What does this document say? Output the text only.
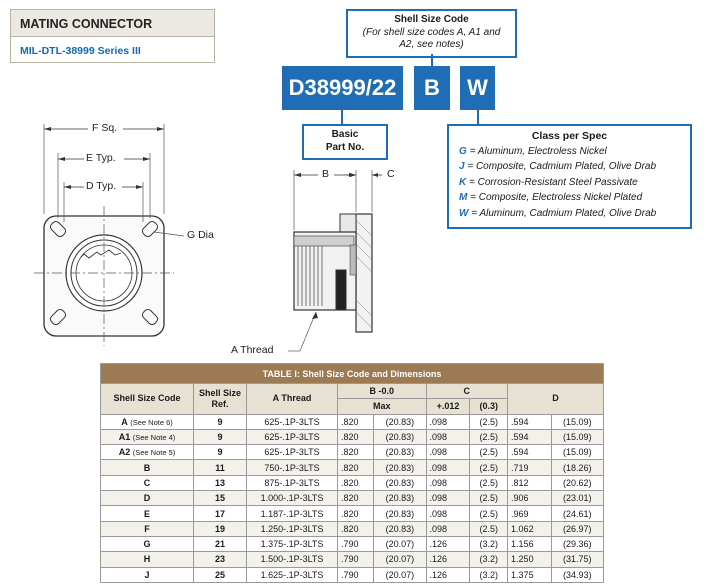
MATING CONNECTOR
MIL-DTL-38999 Series III
Shell Size Code
(For shell size codes A, A1 and
A2, see notes)
D38999/22	B	W
Basic
Part No.
Class per Spec
G = Aluminum, Electroless Nickel
J = Composite, Cadmium Plated, Olive Drab
K = Corrosion-Resistant Steel Passivate
M = Composite, Electroless Nickel Plated
W = Aluminum, Cadmium Plated, Olive Drab
F Sq.
E Typ.
D Typ.
G Dia
B	C
A Thread
TABLE I: Shell Size Code and Dimensions								
Shell Size Code	Shell Size Ref.	A Thread	B -0.0		C		D	
			Max		+.012	(0.3)		
A (See Note 6)	9	625-.1P-3LTS	.820	(20.83)	.098	(2.5)	.594	(15.09)
A1 (See Note 4)	9	625-.1P-3LTS	.820	(20.83)	.098	(2.5)	.594	(15.09)
A2 (See Note 5)	9	625-.1P-3LTS	.820	(20.83)	.098	(2.5)	.594	(15.09)
B	11	750-.1P-3LTS	.820	(20.83)	.098	(2.5)	.719	(18.26)
C	13	875-.1P-3LTS	.820	(20.83)	.098	(2.5)	.812	(20.62)
D	15	1.000-.1P-3LTS	.820	(20.83)	.098	(2.5)	.906	(23.01)
E	17	1.187-.1P-3LTS	.820	(20.83)	.098	(2.5)	.969	(24.61)
F	19	1.250-.1P-3LTS	.820	(20.83)	.098	(2.5)	1.062	(26.97)
G	21	1.375-.1P-3LTS	.790	(20.07)	.126	(3.2)	1.156	(29.36)
H	23	1.500-.1P-3LTS	.790	(20.07)	.126	(3.2)	1.250	(31.75)
J	25	1.625-.1P-3LTS	.790	(20.07)	.126	(3.2)	1.375	(34.93)
